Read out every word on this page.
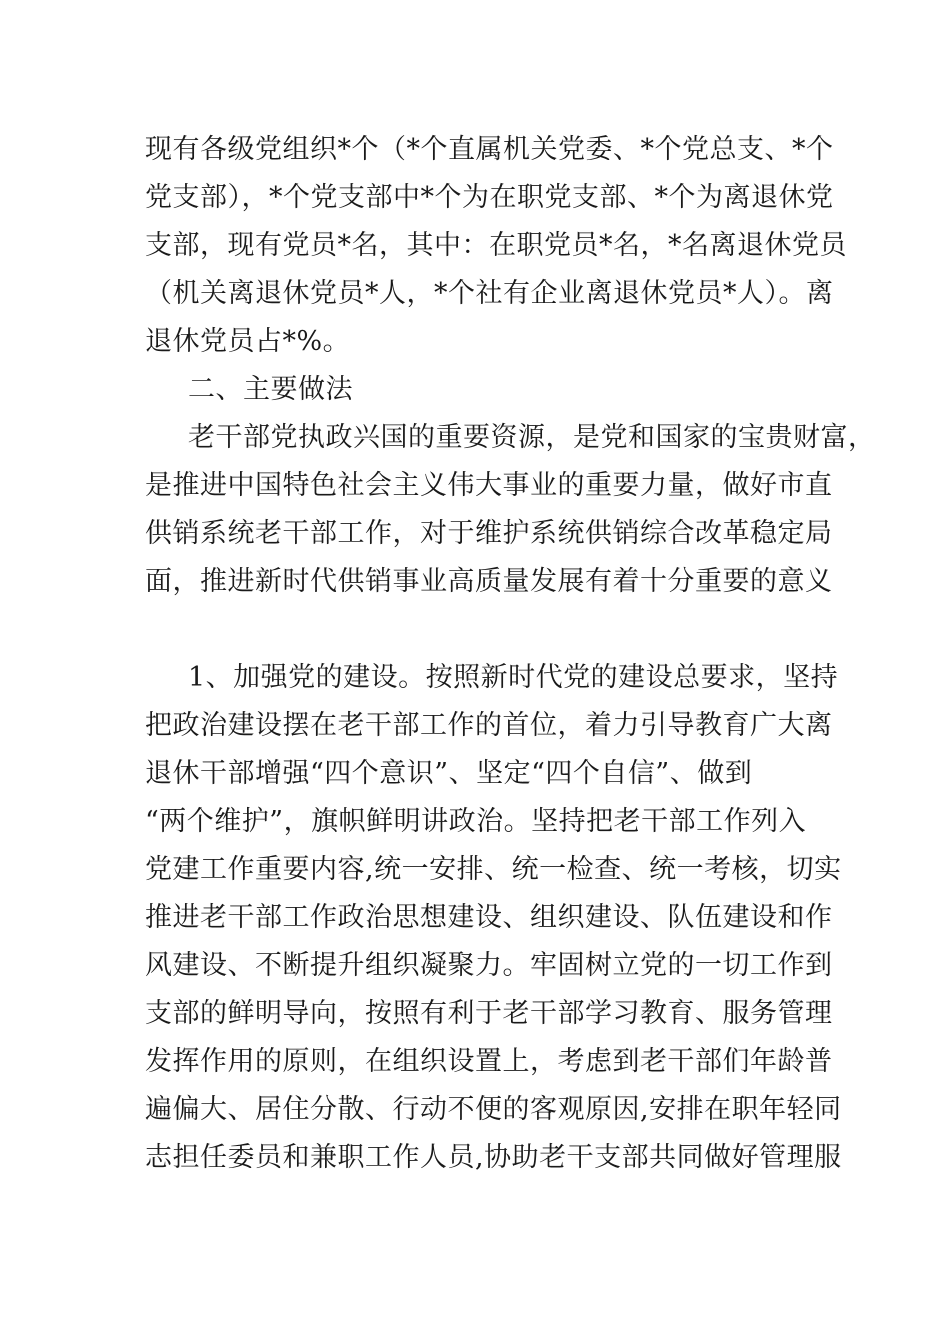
现有各级党组织*个（*个直属机关党委、*个党总支、*个
党支部），*个党支部中*个为在职党支部、*个为离退休党
支部，现有党员*名，其中：在职党员*名，*名离退休党员
（机关离退休党员*人，*个社有企业离退休党员*人）。离
退休党员占*%。
二、主要做法
老干部党执政兴国的重要资源，是党和国家的宝贵财富，
是推进中国特色社会主义伟大事业的重要力量，做好市直
供销系统老干部工作，对于维护系统供销综合改革稳定局
面，推进新时代供销事业高质量发展有着十分重要的意义
1、加强党的建设。按照新时代党的建设总要求，坚持
把政治建设摆在老干部工作的首位，着力引导教育广大离
退休干部增强“四个意识”、坚定“四个自信”、做到
“两个维护”，旗帜鲜明讲政治。坚持把老干部工作列入
党建工作重要内容,统一安排、统一检查、统一考核，切实
推进老干部工作政治思想建设、组织建设、队伍建设和作
风建设、不断提升组织凝聚力。牢固树立党的一切工作到
支部的鲜明导向，按照有利于老干部学习教育、服务管理
发挥作用的原则，在组织设置上，考虑到老干部们年龄普
遍偏大、居住分散、行动不便的客观原因,安排在职年轻同
志担任委员和兼职工作人员,协助老干支部共同做好管理服
